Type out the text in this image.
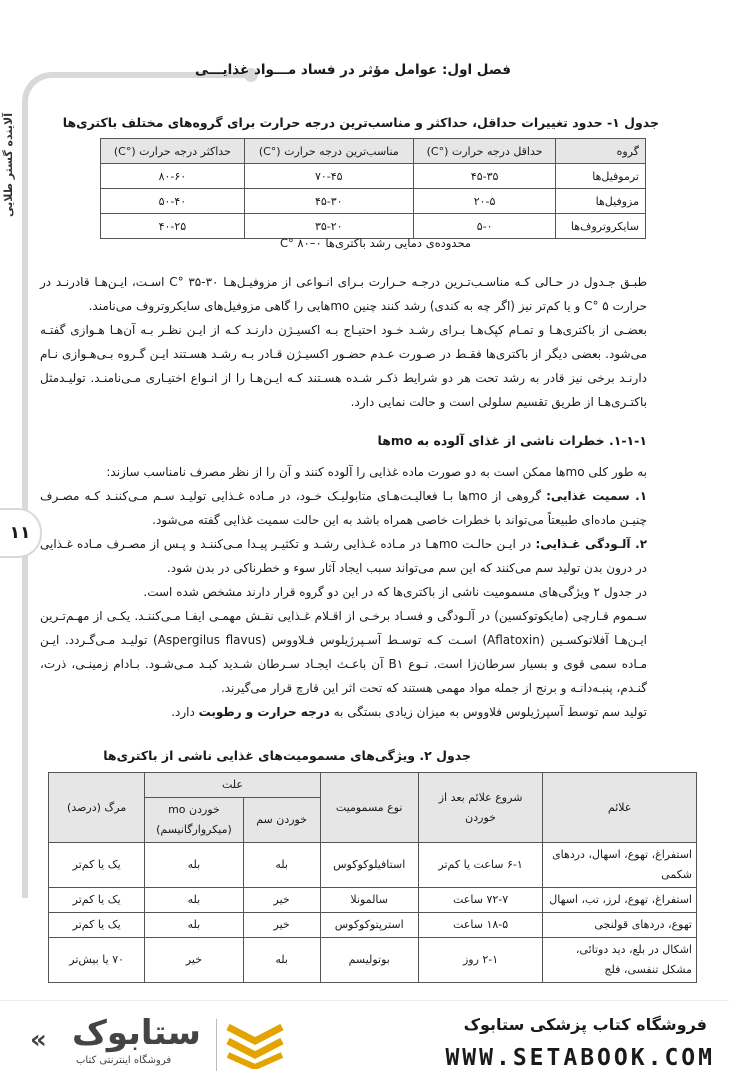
فصل اول: عوامل مؤثر در فساد مـــواد غذایـــی
آلاینده گستر طلایی
۱۱
جدول ۱- حدود تغییرات حداقل، حداکثر و مناسب‌ترین درجه حرارت برای گروه‌های مختلف باکتری‌ها
گروه	حداقل درجه حرارت (°C)	مناسب‌ترین درجه حرارت (°C)	حداکثر درجه حرارت (°C)
ترموفیل‌ها	۴۵-۳۵	۷۰-۴۵	۸۰-۶۰
مزوفیل‌ها	۲۰-۵	۴۵-۳۰	۵۰-۴۰
سایکروتروف‌ها	۵-۰	۳۵-۲۰	۴۰-۲۵
محدوده‌ی دمایی رشد باکتری‌ها C° ۸۰–۰

طبـق جـدول در حـالی کـه مناسـب‌تـرین درجـه حـرارت بـرای انـواعی از مزوفیـل‌هـا C° ۳۵-۳۰ اسـت، ایـن‌هـا قادرنـد در حرارت C° ۵ و یا کم‌تر نیز (اگر چه به کندی) رشد کنند چنین moهایی را گاهی مزوفیل‌های سایکروتروف می‌نامند.

بعضـی از باکتری‌هـا و تمـام کپک‌هـا بـرای رشـد خـود احتیـاج بـه اکسیـژن دارنـد کـه از ایـن نظـر بـه آن‌هـا هـوازی گفتـه می‌شود. بعضی دیگر از باکتری‌ها فقـط در صـورت عـدم حضـور اکسیـژن قـادر بـه رشـد هسـتند ایـن گـروه بـی‌هـوازی نـام دارنـد برخی نیز قادر به رشد تحت هر دو شرایط ذکـر شـده هسـتند کـه ایـن‌هـا را از انـواع اختیـاری مـی‌نامنـد. تولیـدمثل باکتـری‌هـا از طریق تقسیم سلولی است و حالت نمایی دارد.

۱-۱-۱. خطرات ناشی از غذای آلوده به moها

به طور کلی moها ممکن است به دو صورت ماده غذایی را آلوده کنند و آن را از نظر مصرف نامناسب سازند:

۱. سمیت غذایی: گروهی از moها بـا فعالیـت‌هـای متابولیـک خـود، در مـاده غـذایی تولیـد سـم مـی‌کننـد کـه مصـرف چنیـن ماده‌ای طبیعتاً می‌تواند با خطرات خاصی همراه باشد به این حالت سمیت غذایی گفته می‌شود.

۲. آلـودگی غـذایی: در ایـن حالـت moهـا در مـاده غـذایی رشـد و تکثیـر پیـدا مـی‌کننـد و پـس از مصـرف مـاده غـذایی در درون بدن تولید سم می‌کنند که این سم می‌تواند سبب ایجاد آثار سوء و خطرناکی در بدن شود.

در جدول ۲ ویژگی‌های مسمومیت ناشی از باکتری‌ها که در این دو گروه قرار دارند مشخص شده است.

سـموم قـارچی (مایکوتوکسین) در آلـودگی و فسـاد برخـی از اقـلام غـذایی نقـش مهمـی ایفـا مـی‌کننـد. یکـی از مهـم‌تـرین ایـن‌هـا آفلاتوکسـین (Aflatoxin) اسـت کـه توسـط آسـپرژیلوس فـلاووس (Aspergilus flavus) تولیـد مـی‌گـردد. ایـن مـاده سمی قوی و بسیار سرطان‌زا است. نـوع B۱ آن باعـث ایجـاد سـرطان شـدید کبـد مـی‌شـود. بـادام زمینـی، ذرت، گنـدم، پنبـه‌دانـه و برنج از جمله مواد مهمی هستند که تحت اثر این قارچ قرار می‌گیرند.

تولید سم توسط آسپرژیلوس فلاووس به میزان زیادی بستگی به درجه حرارت و رطوبت دارد.

جدول ۲. ویژگی‌های مسمومیت‌های غذایی ناشی از باکتری‌ها
علائم	شروع علائم بعد از خوردن	نوع مسمومیت	علت		مرگ (درصد)
			خوردن سم	خوردن mo (میکروارگانیسم)	
استفراغ، تهوع، اسهال، دردهای شکمی	۶-۱ ساعت یا کم‌تر	استافیلوکوکوس	بله	بله	یک یا کم‌تر
استفراغ، تهوع، لرز، تب، اسهال	۷۲-۷ ساعت	سالمونلا	خیر	بله	یک یا کم‌تر
تهوع، دردهای قولنجی	۱۸-۵ ساعت	استرپتوکوکوس	خیر	بله	یک یا کم‌تر
اشکال در بلع، دید دوتائی، مشکل تنفسی، فلج	۲-۱ روز	بوتولیسم	بله	خیر	۷۰ یا بیش‌تر
« ستابوک
فروشگاه اینترنتی کتاب
فروشگاه کتاب پزشکی ستابوک
WWW.SETABOOK.COM
